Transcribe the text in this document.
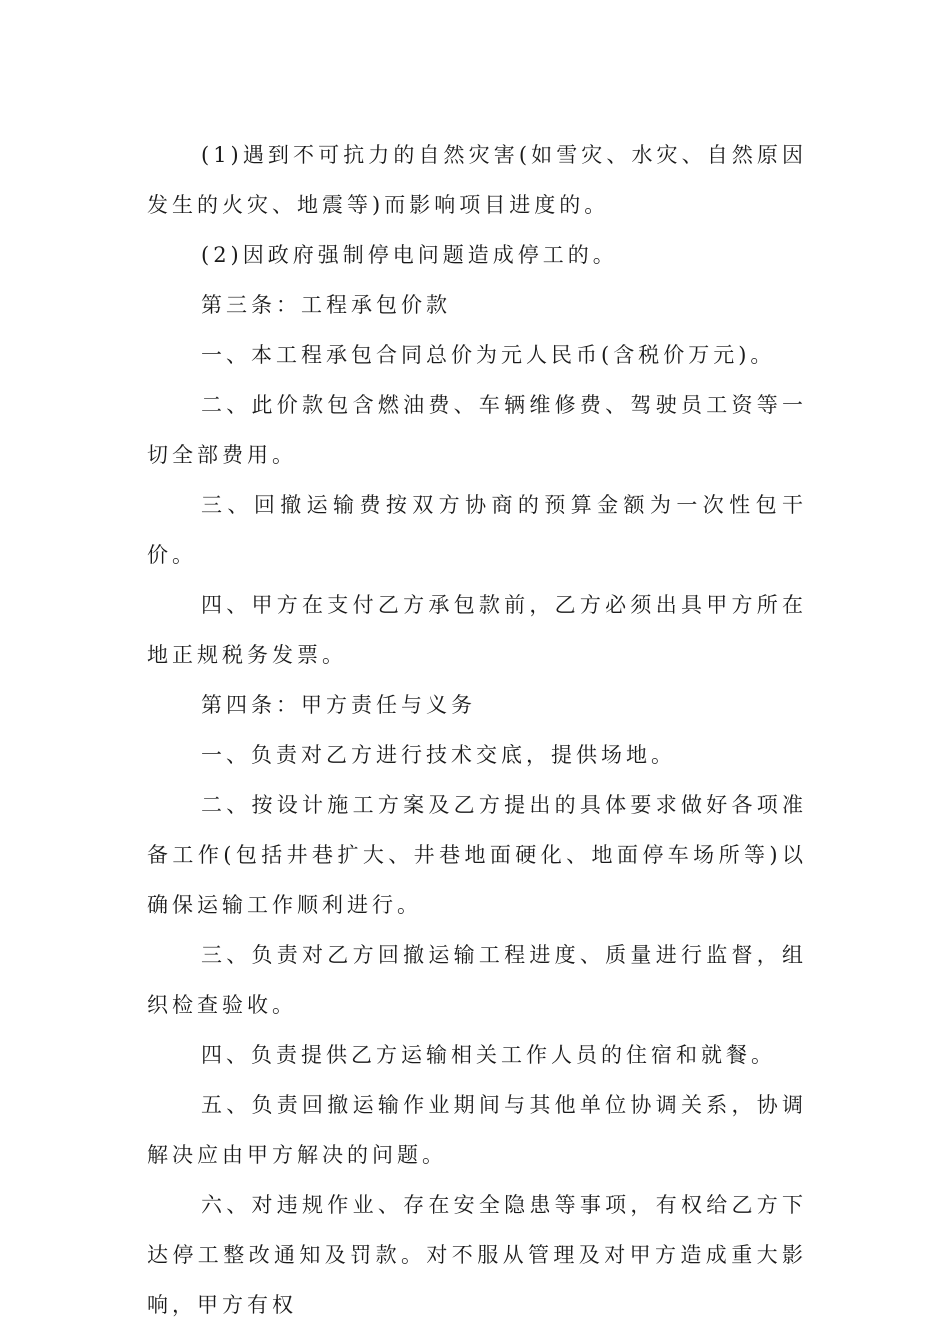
(1)遇到不可抗力的自然灾害(如雪灾、水灾、自然原因发生的火灾、地震等)而影响项目进度的。

(2)因政府强制停电问题造成停工的。

第三条：工程承包价款

一、本工程承包合同总价为元人民币(含税价万元)。

二、此价款包含燃油费、车辆维修费、驾驶员工资等一切全部费用。

三、回撤运输费按双方协商的预算金额为一次性包干价。

四、甲方在支付乙方承包款前，乙方必须出具甲方所在地正规税务发票。

第四条：甲方责任与义务

一、负责对乙方进行技术交底，提供场地。

二、按设计施工方案及乙方提出的具体要求做好各项准备工作(包括井巷扩大、井巷地面硬化、地面停车场所等)以确保运输工作顺利进行。

三、负责对乙方回撤运输工程进度、质量进行监督，组织检查验收。

四、负责提供乙方运输相关工作人员的住宿和就餐。

五、负责回撤运输作业期间与其他单位协调关系，协调解决应由甲方解决的问题。

六、对违规作业、存在安全隐患等事项，有权给乙方下达停工整改通知及罚款。对不服从管理及对甲方造成重大影响，甲方有权
